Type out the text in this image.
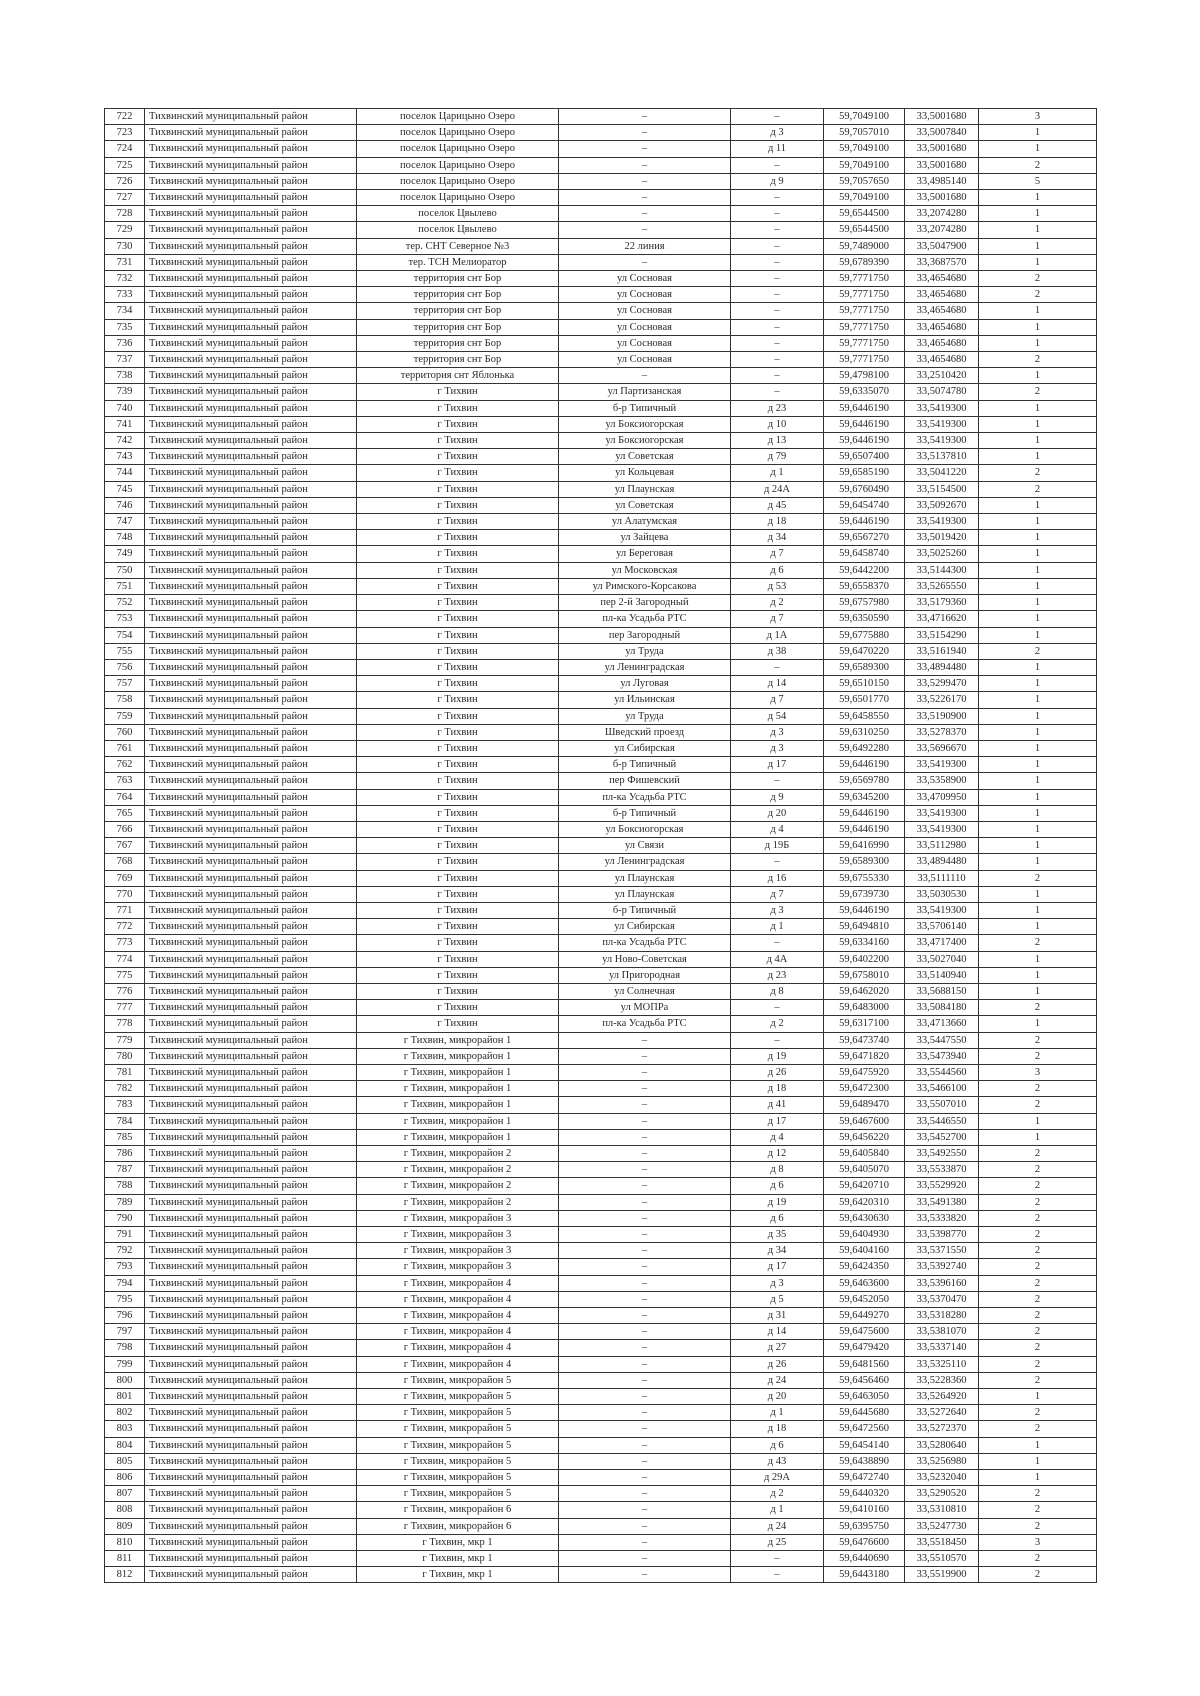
722	Тихвинский муниципальный район	поселок Царицыно Озеро	–	–	59,7049100	33,5001680	3
723	Тихвинский муниципальный район	поселок Царицыно Озеро	–	д 3	59,7057010	33,5007840	1
724	Тихвинский муниципальный район	поселок Царицыно Озеро	–	д 11	59,7049100	33,5001680	1
725	Тихвинский муниципальный район	поселок Царицыно Озеро	–	–	59,7049100	33,5001680	2
726	Тихвинский муниципальный район	поселок Царицыно Озеро	–	д 9	59,7057650	33,4985140	5
727	Тихвинский муниципальный район	поселок Царицыно Озеро	–	–	59,7049100	33,5001680	1
728	Тихвинский муниципальный район	поселок Цвылево	–	–	59,6544500	33,2074280	1
729	Тихвинский муниципальный район	поселок Цвылево	–	–	59,6544500	33,2074280	1
730	Тихвинский муниципальный район	тер. СНТ Северное №3	22 линия	–	59,7489000	33,5047900	1
731	Тихвинский муниципальный район	тер. ТСН Мелиоратор	–	–	59,6789390	33,3687570	1
732	Тихвинский муниципальный район	территория снт Бор	ул Сосновая	–	59,7771750	33,4654680	2
733	Тихвинский муниципальный район	территория снт Бор	ул Сосновая	–	59,7771750	33,4654680	2
734	Тихвинский муниципальный район	территория снт Бор	ул Сосновая	–	59,7771750	33,4654680	1
735	Тихвинский муниципальный район	территория снт Бор	ул Сосновая	–	59,7771750	33,4654680	1
736	Тихвинский муниципальный район	территория снт Бор	ул Сосновая	–	59,7771750	33,4654680	1
737	Тихвинский муниципальный район	территория снт Бор	ул Сосновая	–	59,7771750	33,4654680	2
738	Тихвинский муниципальный район	территория снт Яблонька	–	–	59,4798100	33,2510420	1
739	Тихвинский муниципальный район	г Тихвин	ул Партизанская	–	59,6335070	33,5074780	2
740	Тихвинский муниципальный район	г Тихвин	б-р Типичный	д 23	59,6446190	33,5419300	1
741	Тихвинский муниципальный район	г Тихвин	ул Боксиогорская	д 10	59,6446190	33,5419300	1
742	Тихвинский муниципальный район	г Тихвин	ул Боксиогорская	д 13	59,6446190	33,5419300	1
743	Тихвинский муниципальный район	г Тихвин	ул Советская	д 79	59,6507400	33,5137810	1
744	Тихвинский муниципальный район	г Тихвин	ул Кольцевая	д 1	59,6585190	33,5041220	2
745	Тихвинский муниципальный район	г Тихвин	ул Плаунская	д 24А	59,6760490	33,5154500	2
746	Тихвинский муниципальный район	г Тихвин	ул Советская	д 45	59,6454740	33,5092670	1
747	Тихвинский муниципальный район	г Тихвин	ул Алатумская	д 18	59,6446190	33,5419300	1
748	Тихвинский муниципальный район	г Тихвин	ул Зайцева	д 34	59,6567270	33,5019420	1
749	Тихвинский муниципальный район	г Тихвин	ул Береговая	д 7	59,6458740	33,5025260	1
750	Тихвинский муниципальный район	г Тихвин	ул Московская	д 6	59,6442200	33,5144300	1
751	Тихвинский муниципальный район	г Тихвин	ул Римского-Корсакова	д 53	59,6558370	33,5265550	1
752	Тихвинский муниципальный район	г Тихвин	пер 2-й Загородный	д 2	59,6757980	33,5179360	1
753	Тихвинский муниципальный район	г Тихвин	пл-ка Усадьба РТС	д 7	59,6350590	33,4716620	1
754	Тихвинский муниципальный район	г Тихвин	пер Загородный	д 1А	59,6775880	33,5154290	1
755	Тихвинский муниципальный район	г Тихвин	ул Труда	д 38	59,6470220	33,5161940	2
756	Тихвинский муниципальный район	г Тихвин	ул Ленинградская	–	59,6589300	33,4894480	1
757	Тихвинский муниципальный район	г Тихвин	ул Луговая	д 14	59,6510150	33,5299470	1
758	Тихвинский муниципальный район	г Тихвин	ул Ильинская	д 7	59,6501770	33,5226170	1
759	Тихвинский муниципальный район	г Тихвин	ул Труда	д 54	59,6458550	33,5190900	1
760	Тихвинский муниципальный район	г Тихвин	Шведский проезд	д 3	59,6310250	33,5278370	1
761	Тихвинский муниципальный район	г Тихвин	ул Сибирская	д 3	59,6492280	33,5696670	1
762	Тихвинский муниципальный район	г Тихвин	б-р Типичный	д 17	59,6446190	33,5419300	1
763	Тихвинский муниципальный район	г Тихвин	пер Фишевский	–	59,6569780	33,5358900	1
764	Тихвинский муниципальный район	г Тихвин	пл-ка Усадьба РТС	д 9	59,6345200	33,4709950	1
765	Тихвинский муниципальный район	г Тихвин	б-р Типичный	д 20	59,6446190	33,5419300	1
766	Тихвинский муниципальный район	г Тихвин	ул Боксиогорская	д 4	59,6446190	33,5419300	1
767	Тихвинский муниципальный район	г Тихвин	ул Связи	д 19Б	59,6416990	33,5112980	1
768	Тихвинский муниципальный район	г Тихвин	ул Ленинградская	–	59,6589300	33,4894480	1
769	Тихвинский муниципальный район	г Тихвин	ул Плаунская	д 16	59,6755330	33,5111110	2
770	Тихвинский муниципальный район	г Тихвин	ул Плаунская	д 7	59,6739730	33,5030530	1
771	Тихвинский муниципальный район	г Тихвин	б-р Типичный	д 3	59,6446190	33,5419300	1
772	Тихвинский муниципальный район	г Тихвин	ул Сибирская	д 1	59,6494810	33,5706140	1
773	Тихвинский муниципальный район	г Тихвин	пл-ка Усадьба РТС	–	59,6334160	33,4717400	2
774	Тихвинский муниципальный район	г Тихвин	ул Ново-Советская	д 4А	59,6402200	33,5027040	1
775	Тихвинский муниципальный район	г Тихвин	ул Пригородная	д 23	59,6758010	33,5140940	1
776	Тихвинский муниципальный район	г Тихвин	ул Солнечная	д 8	59,6462020	33,5688150	1
777	Тихвинский муниципальный район	г Тихвин	ул МОПРа	–	59,6483000	33,5084180	2
778	Тихвинский муниципальный район	г Тихвин	пл-ка Усадьба РТС	д 2	59,6317100	33,4713660	1
779	Тихвинский муниципальный район	г Тихвин, микрорайон 1	–	–	59,6473740	33,5447550	2
780	Тихвинский муниципальный район	г Тихвин, микрорайон 1	–	д 19	59,6471820	33,5473940	2
781	Тихвинский муниципальный район	г Тихвин, микрорайон 1	–	д 26	59,6475920	33,5544560	3
782	Тихвинский муниципальный район	г Тихвин, микрорайон 1	–	д 18	59,6472300	33,5466100	2
783	Тихвинский муниципальный район	г Тихвин, микрорайон 1	–	д 41	59,6489470	33,5507010	2
784	Тихвинский муниципальный район	г Тихвин, микрорайон 1	–	д 17	59,6467600	33,5446550	1
785	Тихвинский муниципальный район	г Тихвин, микрорайон 1	–	д 4	59,6456220	33,5452700	1
786	Тихвинский муниципальный район	г Тихвин, микрорайон 2	–	д 12	59,6405840	33,5492550	2
787	Тихвинский муниципальный район	г Тихвин, микрорайон 2	–	д 8	59,6405070	33,5533870	2
788	Тихвинский муниципальный район	г Тихвин, микрорайон 2	–	д 6	59,6420710	33,5529920	2
789	Тихвинский муниципальный район	г Тихвин, микрорайон 2	–	д 19	59,6420310	33,5491380	2
790	Тихвинский муниципальный район	г Тихвин, микрорайон 3	–	д 6	59,6430630	33,5333820	2
791	Тихвинский муниципальный район	г Тихвин, микрорайон 3	–	д 35	59,6404930	33,5398770	2
792	Тихвинский муниципальный район	г Тихвин, микрорайон 3	–	д 34	59,6404160	33,5371550	2
793	Тихвинский муниципальный район	г Тихвин, микрорайон 3	–	д 17	59,6424350	33,5392740	2
794	Тихвинский муниципальный район	г Тихвин, микрорайон 4	–	д 3	59,6463600	33,5396160	2
795	Тихвинский муниципальный район	г Тихвин, микрорайон 4	–	д 5	59,6452050	33,5370470	2
796	Тихвинский муниципальный район	г Тихвин, микрорайон 4	–	д 31	59,6449270	33,5318280	2
797	Тихвинский муниципальный район	г Тихвин, микрорайон 4	–	д 14	59,6475600	33,5381070	2
798	Тихвинский муниципальный район	г Тихвин, микрорайон 4	–	д 27	59,6479420	33,5337140	2
799	Тихвинский муниципальный район	г Тихвин, микрорайон 4	–	д 26	59,6481560	33,5325110	2
800	Тихвинский муниципальный район	г Тихвин, микрорайон 5	–	д 24	59,6456460	33,5228360	2
801	Тихвинский муниципальный район	г Тихвин, микрорайон 5	–	д 20	59,6463050	33,5264920	1
802	Тихвинский муниципальный район	г Тихвин, микрорайон 5	–	д 1	59,6445680	33,5272640	2
803	Тихвинский муниципальный район	г Тихвин, микрорайон 5	–	д 18	59,6472560	33,5272370	2
804	Тихвинский муниципальный район	г Тихвин, микрорайон 5	–	д 6	59,6454140	33,5280640	1
805	Тихвинский муниципальный район	г Тихвин, микрорайон 5	–	д 43	59,6438890	33,5256980	1
806	Тихвинский муниципальный район	г Тихвин, микрорайон 5	–	д 29А	59,6472740	33,5232040	1
807	Тихвинский муниципальный район	г Тихвин, микрорайон 5	–	д 2	59,6440320	33,5290520	2
808	Тихвинский муниципальный район	г Тихвин, микрорайон 6	–	д 1	59,6410160	33,5310810	2
809	Тихвинский муниципальный район	г Тихвин, микрорайон 6	–	д 24	59,6395750	33,5247730	2
810	Тихвинский муниципальный район	г Тихвин, мкр 1	–	д 25	59,6476600	33,5518450	3
811	Тихвинский муниципальный район	г Тихвин, мкр 1	–	–	59,6440690	33,5510570	2
812	Тихвинский муниципальный район	г Тихвин, мкр 1	–	–	59,6443180	33,5519900	2
